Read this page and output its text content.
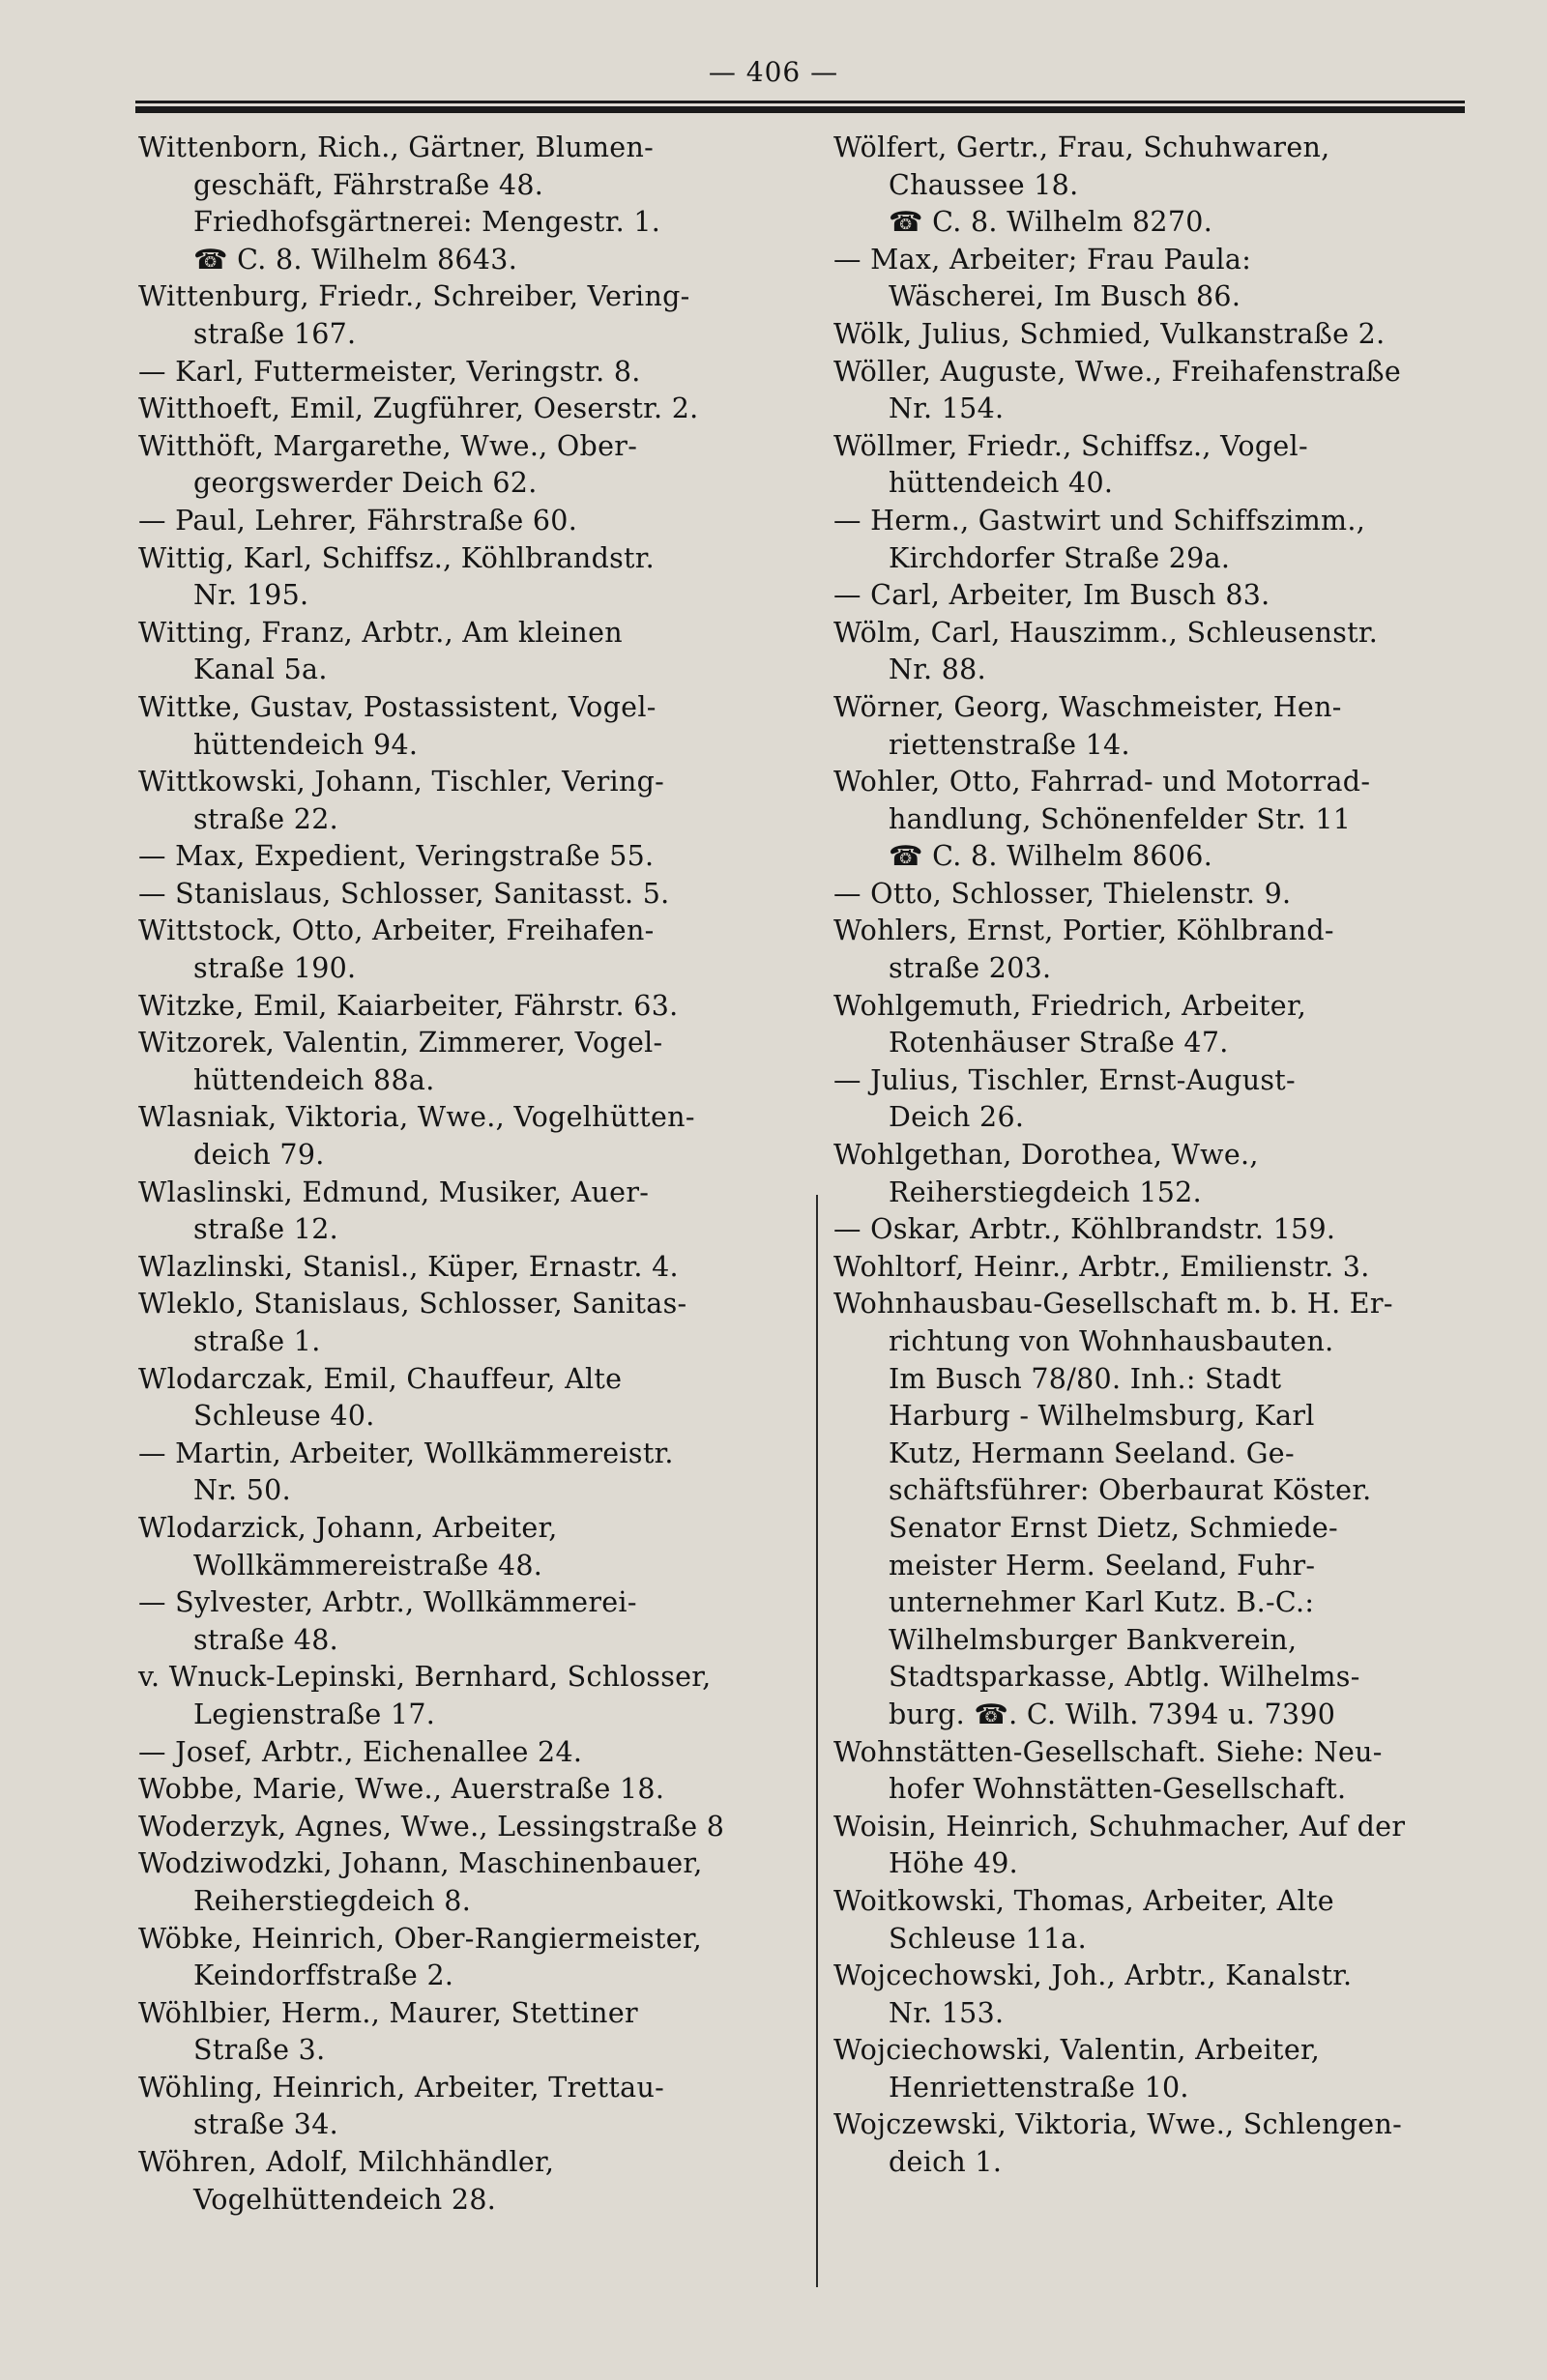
— 406 —

Wittenborn, Rich., Gärtner, Blumen-
geschäft, Fährstraße 48.
Friedhofsgärtnerei: Mengestr. 1.
☎ C. 8. Wilhelm 8643.

Wittenburg, Friedr., Schreiber, Vering-
straße 167.

— Karl, Futtermeister, Veringstr. 8.

Witthoeft, Emil, Zugführer, Oeserstr. 2.

Witthöft, Margarethe, Wwe., Ober-
georgswerder Deich 62.

— Paul, Lehrer, Fährstraße 60.

Wittig, Karl, Schiffsz., Köhlbrandstr.
Nr. 195.

Witting, Franz, Arbtr., Am kleinen
Kanal 5a.

Wittke, Gustav, Postassistent, Vogel-
hüttendeich 94.

Wittkowski, Johann, Tischler, Vering-
straße 22.

— Max, Expedient, Veringstraße 55.

— Stanislaus, Schlosser, Sanitasst. 5.

Wittstock, Otto, Arbeiter, Freihafen-
straße 190.

Witzke, Emil, Kaiarbeiter, Fährstr. 63.

Witzorek, Valentin, Zimmerer, Vogel-
hüttendeich 88a.

Wlasniak, Viktoria, Wwe., Vogelhütten-
deich 79.

Wlaslinski, Edmund, Musiker, Auer-
straße 12.

Wlazlinski, Stanisl., Küper, Ernastr. 4.

Wleklo, Stanislaus, Schlosser, Sanitas-
straße 1.

Wlodarczak, Emil, Chauffeur, Alte
Schleuse 40.

— Martin, Arbeiter, Wollkämmereistr.
Nr. 50.

Wlodarzick, Johann, Arbeiter,
Wollkämmereistraße 48.

— Sylvester, Arbtr., Wollkämmerei-
straße 48.

v. Wnuck-Lepinski, Bernhard, Schlosser,
Legienstraße 17.

— Josef, Arbtr., Eichenallee 24.

Wobbe, Marie, Wwe., Auerstraße 18.

Woderzyk, Agnes, Wwe., Lessingstraße 8

Wodziwodzki, Johann, Maschinenbauer,
Reiherstiegdeich 8.

Wöbke, Heinrich, Ober-Rangiermeister,
Keindorffstraße 2.

Wöhlbier, Herm., Maurer, Stettiner
Straße 3.

Wöhling, Heinrich, Arbeiter, Trettau-
straße 34.

Wöhren, Adolf, Milchhändler,
Vogelhüttendeich 28.

Wölfert, Gertr., Frau, Schuhwaren,
Chaussee 18.
☎ C. 8. Wilhelm 8270.

— Max, Arbeiter; Frau Paula:
Wäscherei, Im Busch 86.

Wölk, Julius, Schmied, Vulkanstraße 2.

Wöller, Auguste, Wwe., Freihafenstraße
Nr. 154.

Wöllmer, Friedr., Schiffsz., Vogel-
hüttendeich 40.

— Herm., Gastwirt und Schiffszimm.,
Kirchdorfer Straße 29a.

— Carl, Arbeiter, Im Busch 83.

Wölm, Carl, Hauszimm., Schleusenstr.
Nr. 88.

Wörner, Georg, Waschmeister, Hen-
riettenstraße 14.

Wohler, Otto, Fahrrad- und Motorrad-
handlung, Schönenfelder Str. 11
☎ C. 8. Wilhelm 8606.

— Otto, Schlosser, Thielenstr. 9.

Wohlers, Ernst, Portier, Köhlbrand-
straße 203.

Wohlgemuth, Friedrich, Arbeiter,
Rotenhäuser Straße 47.

— Julius, Tischler, Ernst-August-
Deich 26.

Wohlgethan, Dorothea, Wwe.,
Reiherstiegdeich 152.

— Oskar, Arbtr., Köhlbrandstr. 159.

Wohltorf, Heinr., Arbtr., Emilienstr. 3.

Wohnhausbau-Gesellschaft m. b. H. Er-
richtung von Wohnhausbauten.
Im Busch 78/80. Inh.: Stadt
Harburg - Wilhelmsburg, Karl
Kutz, Hermann Seeland. Ge-
schäftsführer: Oberbaurat Köster.
Senator Ernst Dietz, Schmiede-
meister Herm. Seeland, Fuhr-
unternehmer Karl Kutz. B.-C.:
Wilhelmsburger Bankverein,
Stadtsparkasse, Abtlg. Wilhelms-
burg. ☎. C. Wilh. 7394 u. 7390

Wohnstätten-Gesellschaft. Siehe: Neu-
hofer Wohnstätten-Gesellschaft.

Woisin, Heinrich, Schuhmacher, Auf der
Höhe 49.

Woitkowski, Thomas, Arbeiter, Alte
Schleuse 11a.

Wojcechowski, Joh., Arbtr., Kanalstr.
Nr. 153.

Wojciechowski, Valentin, Arbeiter,
Henriettenstraße 10.

Wojczewski, Viktoria, Wwe., Schlengen-
deich 1.
